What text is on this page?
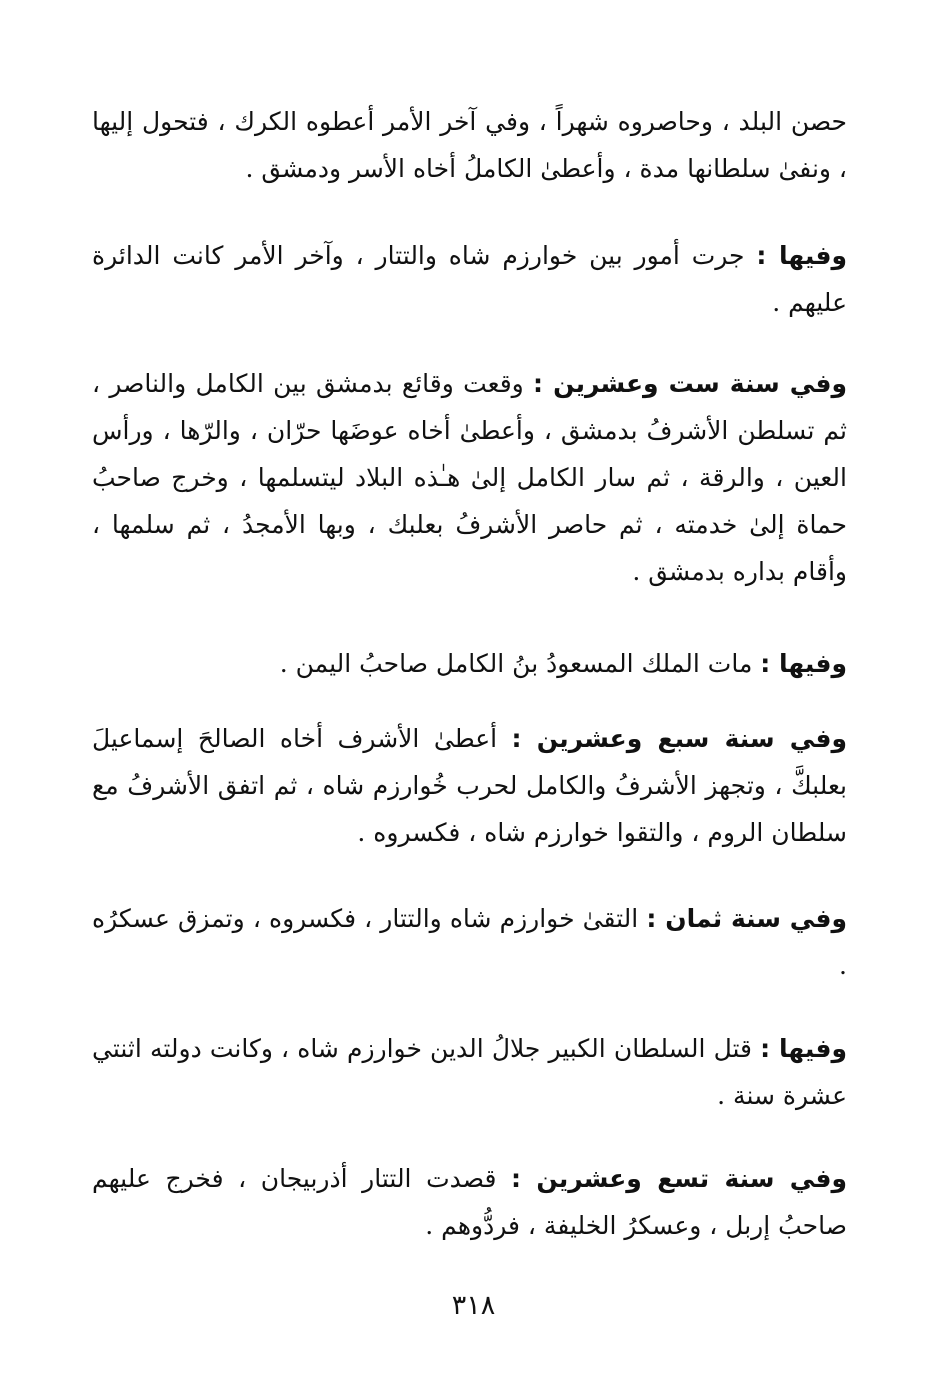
حصن البلد ، وحاصروه شهراً ، وفي آخر الأمر أعطوه الكرك ، فتحول إليها ، ونفىٰ سلطانها مدة ، وأعطىٰ الكاملُ أخاه الأسر ودمشق .

وفيها : جرت أمور بين خوارزم شاه والتتار ، وآخر الأمر كانت الدائرة عليهم .

وفي سنة ست وعشرين : وقعت وقائع بدمشق بين الكامل والناصر ، ثم تسلطن الأشرفُ بدمشق ، وأعطىٰ أخاه عوضَها حرّان ، والرّها ، ورأس العين ، والرقة ، ثم سار الكامل إلىٰ هـٰذه البلاد ليتسلمها ، وخرج صاحبُ حماة إلىٰ خدمته ، ثم حاصر الأشرفُ بعلبك ، وبها الأمجدُ ، ثم سلمها ، وأقام بداره بدمشق .

وفيها : مات الملك المسعودُ بنُ الكامل صاحبُ اليمن .

وفي سنة سبع وعشرين : أعطىٰ الأشرف أخاه الصالحَ إسماعيلَ بعلبكَّ ، وتجهز الأشرفُ والكامل لحرب خُوارزم شاه ، ثم اتفق الأشرفُ مع سلطان الروم ، والتقوا خوارزم شاه ، فكسروه .

وفي سنة ثمان : التقىٰ خوارزم شاه والتتار ، فكسروه ، وتمزق عسكرُه .

وفيها : قتل السلطان الكبير جلالُ الدين خوارزم شاه ، وكانت دولته اثنتي عشرة سنة .

وفي سنة تسع وعشرين : قصدت التتار أذربيجان ، فخرج عليهم صاحبُ إربل ، وعسكرُ الخليفة ، فردُّوهم .

٣١٨
